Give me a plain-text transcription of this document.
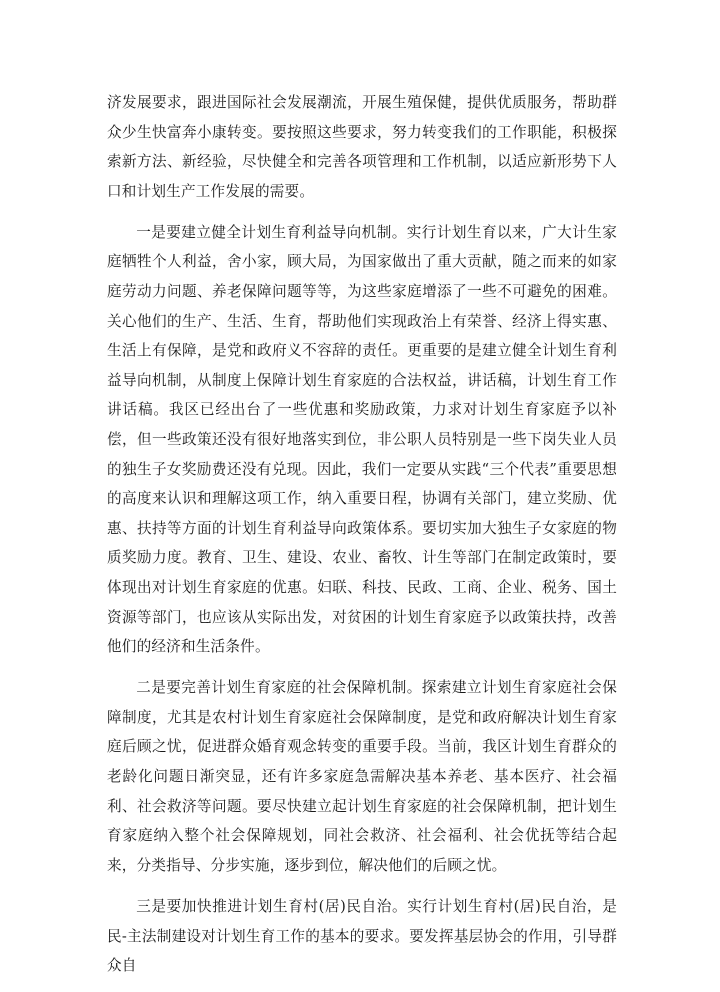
济发展要求，跟进国际社会发展潮流，开展生殖保健，提供优质服务，帮助群众少生快富奔小康转变。要按照这些要求，努力转变我们的工作职能，积极探索新方法、新经验，尽快健全和完善各项管理和工作机制，以适应新形势下人口和计划生产工作发展的需要。

一是要建立健全计划生育利益导向机制。实行计划生育以来，广大计生家庭牺牲个人利益，舍小家，顾大局，为国家做出了重大贡献，随之而来的如家庭劳动力问题、养老保障问题等等，为这些家庭增添了一些不可避免的困难。关心他们的生产、生活、生育，帮助他们实现政治上有荣誉、经济上得实惠、生活上有保障，是党和政府义不容辞的责任。更重要的是建立健全计划生育利益导向机制，从制度上保障计划生育家庭的合法权益，讲话稿，计划生育工作讲话稿。我区已经出台了一些优惠和奖励政策，力求对计划生育家庭予以补偿，但一些政策还没有很好地落实到位，非公职人员特别是一些下岗失业人员的独生子女奖励费还没有兑现。因此，我们一定要从实践“三个代表”重要思想的高度来认识和理解这项工作，纳入重要日程，协调有关部门，建立奖励、优惠、扶持等方面的计划生育利益导向政策体系。要切实加大独生子女家庭的物质奖励力度。教育、卫生、建设、农业、畜牧、计生等部门在制定政策时，要体现出对计划生育家庭的优惠。妇联、科技、民政、工商、企业、税务、国土资源等部门，也应该从实际出发，对贫困的计划生育家庭予以政策扶持，改善他们的经济和生活条件。

二是要完善计划生育家庭的社会保障机制。探索建立计划生育家庭社会保障制度，尤其是农村计划生育家庭社会保障制度，是党和政府解决计划生育家庭后顾之忧，促进群众婚育观念转变的重要手段。当前，我区计划生育群众的老龄化问题日渐突显，还有许多家庭急需解决基本养老、基本医疗、社会福利、社会救济等问题。要尽快建立起计划生育家庭的社会保障机制，把计划生育家庭纳入整个社会保障规划，同社会救济、社会福利、社会优抚等结合起来，分类指导、分步实施，逐步到位，解决他们的后顾之忧。

三是要加快推进计划生育村(居)民自治。实行计划生育村(居)民自治，是民-主法制建设对计划生育工作的基本的要求。要发挥基层协会的作用，引导群众自
